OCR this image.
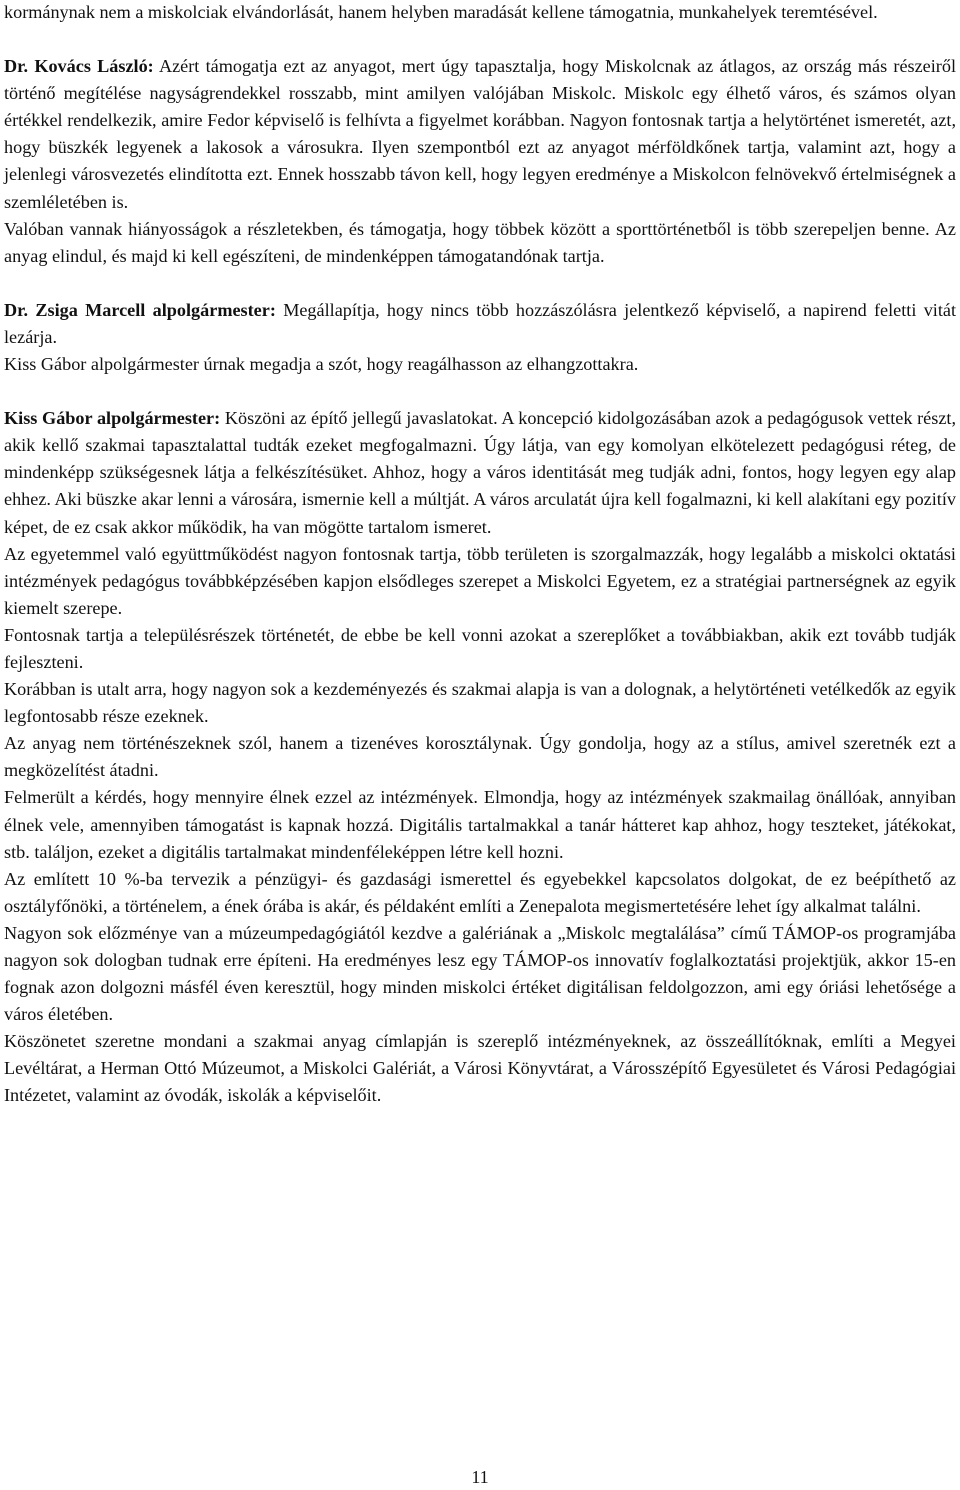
kormánynak nem a miskolciak elvándorlását, hanem helyben maradását kellene támogatnia, munkahelyek teremtésével.

Dr. Kovács László: Azért támogatja ezt az anyagot, mert úgy tapasztalja, hogy Miskolcnak az átlagos, az ország más részeiről történő megítélése nagyságrendekkel rosszabb, mint amilyen valójában Miskolc. Miskolc egy élhető város, és számos olyan értékkel rendelkezik, amire Fedor képviselő is felhívta a figyelmet korábban. Nagyon fontosnak tartja a helytörténet ismeretét, azt, hogy büszkék legyenek a lakosok a városukra. Ilyen szempontból ezt az anyagot mérföldkőnek tartja, valamint azt, hogy a jelenlegi városvezetés elindította ezt. Ennek hosszabb távon kell, hogy legyen eredménye a Miskolcon felnövekvő értelmiségnek a szemléletében is.

Valóban vannak hiányosságok a részletekben, és támogatja, hogy többek között a sporttörténetből is több szerepeljen benne. Az anyag elindul, és majd ki kell egészíteni, de mindenképpen támogatandónak tartja.

Dr. Zsiga Marcell alpolgármester: Megállapítja, hogy nincs több hozzászólásra jelentkező képviselő, a napirend feletti vitát lezárja.

Kiss Gábor alpolgármester úrnak megadja a szót, hogy reagálhasson az elhangzottakra.

Kiss Gábor alpolgármester: Köszöni az építő jellegű javaslatokat. A koncepció kidolgozásában azok a pedagógusok vettek részt, akik kellő szakmai tapasztalattal tudták ezeket megfogalmazni. Úgy látja, van egy komolyan elkötelezett pedagógusi réteg, de mindenképp szükségesnek látja a felkészítésüket. Ahhoz, hogy a város identitását meg tudják adni, fontos, hogy legyen egy alap ehhez. Aki büszke akar lenni a városára, ismernie kell a múltját. A város arculatát újra kell fogalmazni, ki kell alakítani egy pozitív képet, de ez csak akkor működik, ha van mögötte tartalom ismeret.

Az egyetemmel való együttműködést nagyon fontosnak tartja, több területen is szorgalmazzák, hogy legalább a miskolci oktatási intézmények pedagógus továbbképzésében kapjon elsődleges szerepet a Miskolci Egyetem, ez a stratégiai partnerségnek az egyik kiemelt szerepe.

Fontosnak tartja a településrészek történetét, de ebbe be kell vonni azokat a szereplőket a továbbiakban, akik ezt tovább tudják fejleszteni.

Korábban is utalt arra, hogy nagyon sok a kezdeményezés és szakmai alapja is van a dolognak, a helytörténeti vetélkedők az egyik legfontosabb része ezeknek.

Az anyag nem történészeknek szól, hanem a tizenéves korosztálynak. Úgy gondolja, hogy az a stílus, amivel szeretnék ezt a megközelítést átadni.

Felmerült a kérdés, hogy mennyire élnek ezzel az intézmények. Elmondja, hogy az intézmények szakmailag önállóak, annyiban élnek vele, amennyiben támogatást is kapnak hozzá. Digitális tartalmakkal a tanár hátteret kap ahhoz, hogy teszteket, játékokat, stb. találjon, ezeket a digitális tartalmakat mindenféleképpen létre kell hozni.

Az említett 10 %-ba tervezik a pénzügyi- és gazdasági ismerettel és egyebekkel kapcsolatos dolgokat, de ez beépíthető az osztályfőnöki, a történelem, a ének órába is akár, és példaként említi a Zenepalota megismertetésére lehet így alkalmat találni.

Nagyon sok előzménye van a múzeumpedagógiától kezdve a galériának a „Miskolc megtalálása” című TÁMOP-os programjába nagyon sok dologban tudnak erre építeni. Ha eredményes lesz egy TÁMOP-os innovatív foglalkoztatási projektjük, akkor 15-en fognak azon dolgozni másfél éven keresztül, hogy minden miskolci értéket digitálisan feldolgozzon, ami egy óriási lehetősége a város életében.

Köszönetet szeretne mondani a szakmai anyag címlapján is szereplő intézményeknek, az összeállítóknak, említi a Megyei Levéltárat, a Herman Ottó Múzeumot, a Miskolci Galériát, a Városi Könyvtárat, a Városszépítő Egyesületet és Városi Pedagógiai Intézetet, valamint az óvodák, iskolák a képviselőit.

11
